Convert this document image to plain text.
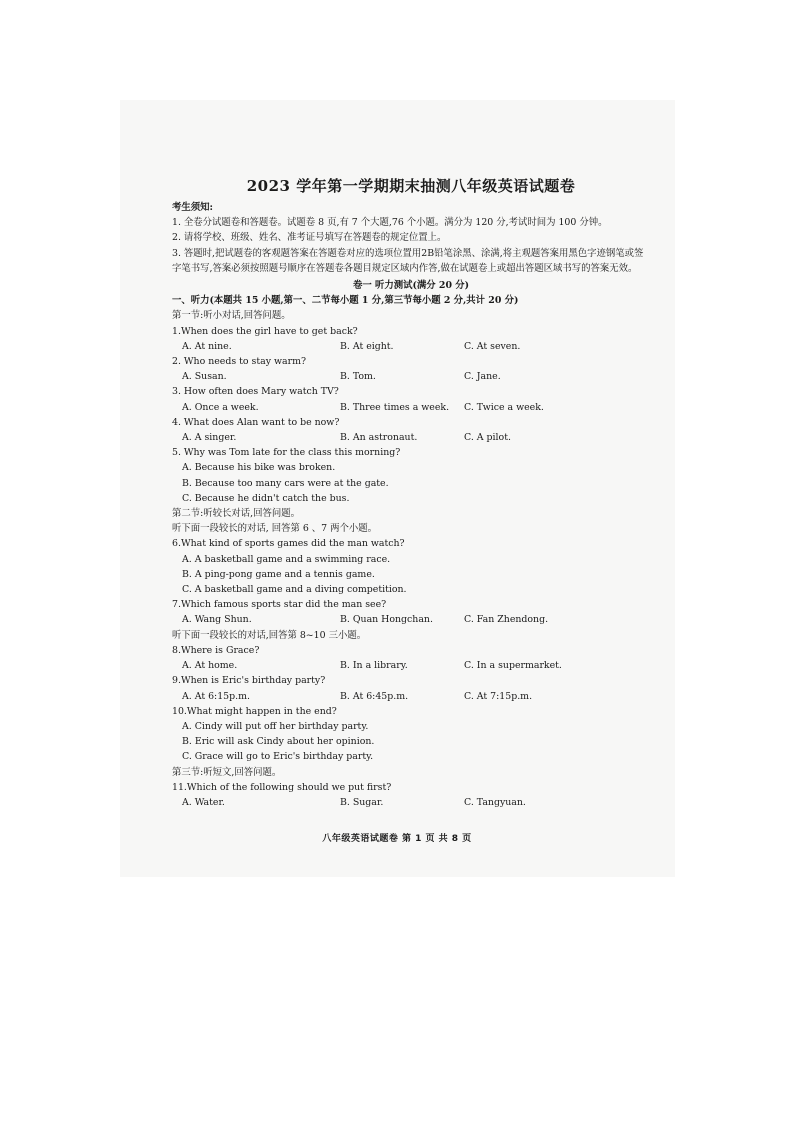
2023 学年第一学期期末抽测八年级英语试题卷

考生须知:

1. 全卷分试题卷和答题卷。试题卷 8 页,有 7 个大题,76 个小题。满分为 120 分,考试时间为 100 分钟。

2. 请将学校、班级、姓名、准考证号填写在答题卷的规定位置上。

3. 答题时,把试题卷的客观题答案在答题卷对应的选项位置用2B铅笔涂黑、涂满,将主观题答案用黑色字迹钢笔或签字笔书写,答案必须按照题号顺序在答题卷各题目规定区域内作答,做在试题卷上或超出答题区域书写的答案无效。

卷一 听力测试(满分 20 分)
一、听力(本题共 15 小题,第一、二节每小题 1 分,第三节每小题 2 分,共计 20 分)
第一节:听小对话,回答问题。

1.When does the girl have to get back?

A. At nine.	B. At eight.	C. At seven.

2. Who needs to stay warm?

A. Susan.	B. Tom.	C. Jane.

3. How often does Mary watch TV?

A. Once a week.	B. Three times a week.	C. Twice a week.

4. What does Alan want to be now?

A. A singer.	B. An astronaut.	C. A pilot.

5. Why was Tom late for the class this morning?

A. Because his bike was broken.

B. Because too many cars were at the gate.

C. Because he didn't catch the bus.

第二节:听较长对话,回答问题。
听下面一段较长的对话, 回答第 6 、7 两个小题。

6.What kind of sports games did the man watch?

A. A basketball game and a swimming race.

B. A ping-pong game and a tennis game.

C. A basketball game and a diving competition.

7.Which famous sports star did the man see?

A. Wang Shun.	B. Quan Hongchan.	C. Fan Zhendong.
听下面一段较长的对话,回答第 8~10 三小题。

8.Where is Grace?

A. At home.	B. In a library.	C. In a supermarket.

9.When is Eric's birthday party?

A. At 6:15p.m.	B. At 6:45p.m.	C. At 7:15p.m.

10.What might happen in the end?

A. Cindy will put off her birthday party.

B. Eric will ask Cindy about her opinion.

C. Grace will go to Eric's birthday party.

第三节:听短文,回答问题。

11.Which of the following should we put first?

A. Water.	B. Sugar.	C. Tangyuan.
八年级英语试题卷 第 1 页 共 8 页
